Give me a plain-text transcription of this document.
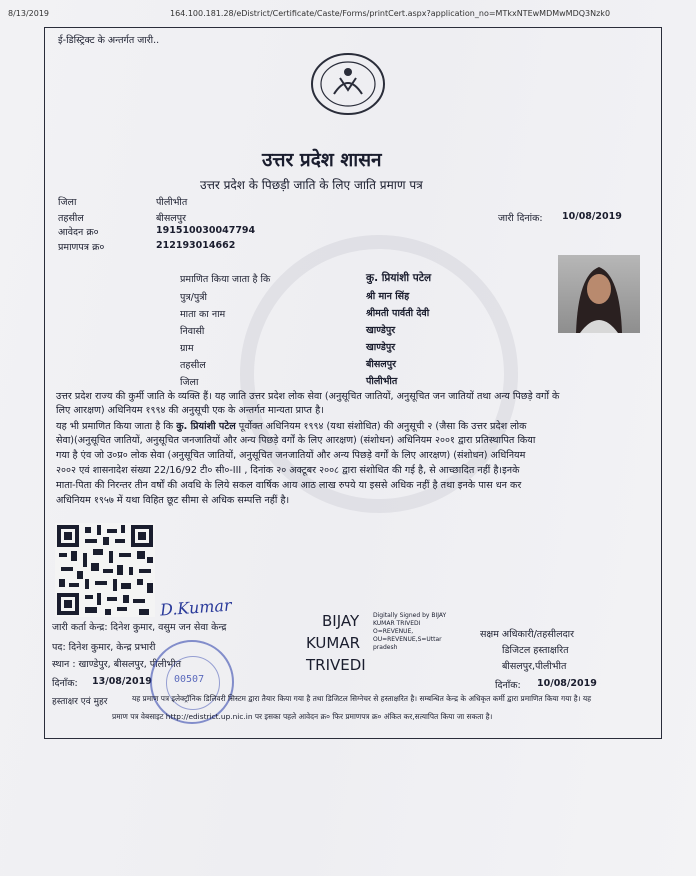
8/13/2019	164.100.181.28/eDistrict/Certificate/Caste/Forms/printCert.aspx?application_no=MTkxNTEwMDMwMDQ3Nzk0
ई-डिस्ट्रिक्ट के अन्तर्गत जारी..
उत्तर प्रदेश शासन
उत्तर प्रदेश के पिछड़ी जाति के लिए जाति प्रमाण पत्र
जिला	पीलीभीत
तहसील	बीसलपुर
आवेदन क्र०	191510030047794
प्रमाणपत्र क्र०	212193014662
जारी दिनांक: 10/08/2019
प्रमाणित किया जाता है कि	कु. प्रियांशी पटेल
पुत्र/पुत्री	श्री मान सिंह
माता का नाम	श्रीमती पार्वती देवी
निवासी	खाण्डेपुर
ग्राम	खाण्डेपुर
तहसील	बीसलपुर
जिला	पीलीभीत
उत्तर प्रदेश राज्य की कुर्मी जाति के व्यक्ति हैं। यह जाति उत्तर प्रदेश लोक सेवा (अनुसूचित जातियों, अनुसूचित जन जातियों तथा अन्य पिछड़े वर्गों के
लिए आरक्षण) अधिनियम १९९४ की अनुसूची एक के अन्तर्गत मान्यता प्राप्त है।
यह भी प्रमाणित किया जाता है कि कु. प्रियांशी पटेल पूर्वोक्त अधिनियम १९९४ (यथा संशोधित) की अनुसूची २ (जैसा कि उत्तर प्रदेश लोक
सेवा)(अनुसूचित जातियों, अनुसूचित जनजातियों और अन्य पिछड़े वर्गों के लिए आरक्षण) (संशोधन) अधिनियम २००१ द्वारा प्रतिस्थापित किया
गया है एंव जो उ०प्र० लोक सेवा (अनुसूचित जातियों, अनुसूचित जनजातियों और अन्य पिछड़े वर्गों के लिए आरक्षण) (संशोधन) अधिनियम
२००२ एवं शासनादेश संख्या 22/16/92 टी० सी०-III , दिनांक २० अक्टूबर २००८ द्वारा संशोधित की गई है, से आच्छादित नहीं है।इनके
माता-पिता की निरन्तर तीन वर्षों की अवधि के लिये सकल वार्षिक आय आठ लाख रुपये या इससे अधिक नहीं है तथा इनके पास धन कर
अधिनियम १९५७ में यथा विहित छूट सीमा से अधिक सम्पत्ति नहीं है।
D.Kumar
जारी कर्ता केन्द्र: दिनेश कुमार, वसुम जन सेवा केन्द्र
पद: दिनेश कुमार, केन्द्र प्रभारी
स्थान : खाण्डेपुर, बीसलपुर, पीलीभीत
दिनाँक: 13/08/2019
हस्ताक्षर एवं मुहर
00507
BIJAY
KUMAR
TRIVEDI
Digitally Signed by BIJAY
KUMAR TRIVEDI
O=REVENUE,
OU=REVENUE,S=Uttar
pradesh
सक्षम अधिकारी/तहसीलदार
डिजिटल हस्ताक्षरित
बीसलपुर,पीलीभीत
दिनाँक: 10/08/2019
यह प्रमाण पत्र इलेक्ट्रॉनिक डिलिवरी सिस्टम द्वारा तैयार किया गया है तथा डिजिटल सिग्नेचर से हस्ताक्षरित है। सम्बन्धित केन्द्र के अधिकृत कर्मी द्वारा प्रमाणित किया गया है। यह
प्रमाण पत्र वेबसाइट http://edistrict.up.nic.in पर इसका पहले आवेदन क्र० फिर प्रमाणपत्र क्र० अंकित कर,सत्यापित किया जा सकता है।
